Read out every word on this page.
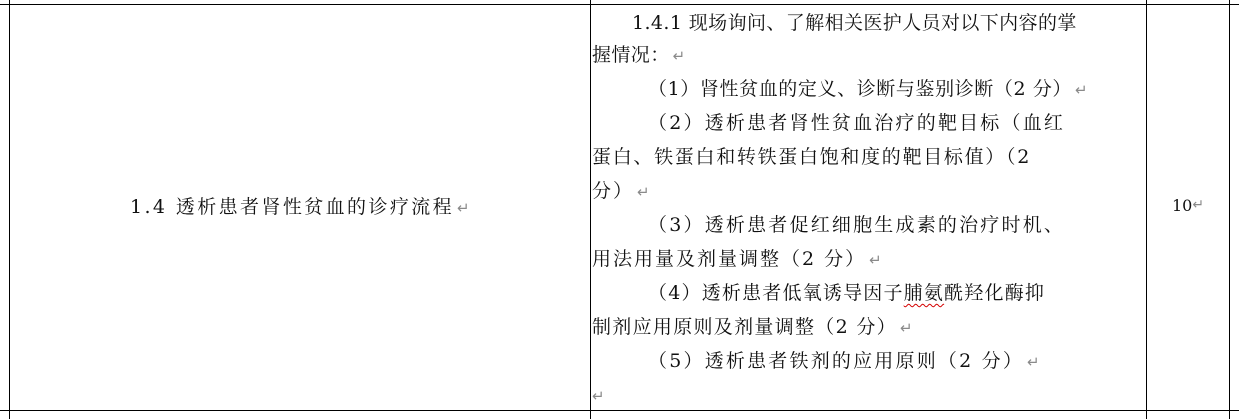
1.4 透析患者肾性贫血的诊疗流程 ↵
1.4.1 现场询问、了解相关医护人员对以下内容的掌
握情况： ↵
（1）肾性贫血的定义、诊断与鉴别诊断（2 分） ↵
（2）透析患者肾性贫血治疗的靶目标（血红
蛋白、铁蛋白和转铁蛋白饱和度的靶目标值）（2
分） ↵
（3）透析患者促红细胞生成素的治疗时机、
用法用量及剂量调整（2 分） ↵
（4）透析患者低氧诱导因子脯氨酰羟化酶抑
制剂应用原则及剂量调整（2 分） ↵
（5）透析患者铁剂的应用原则（2 分） ↵
↵
10 ↵
